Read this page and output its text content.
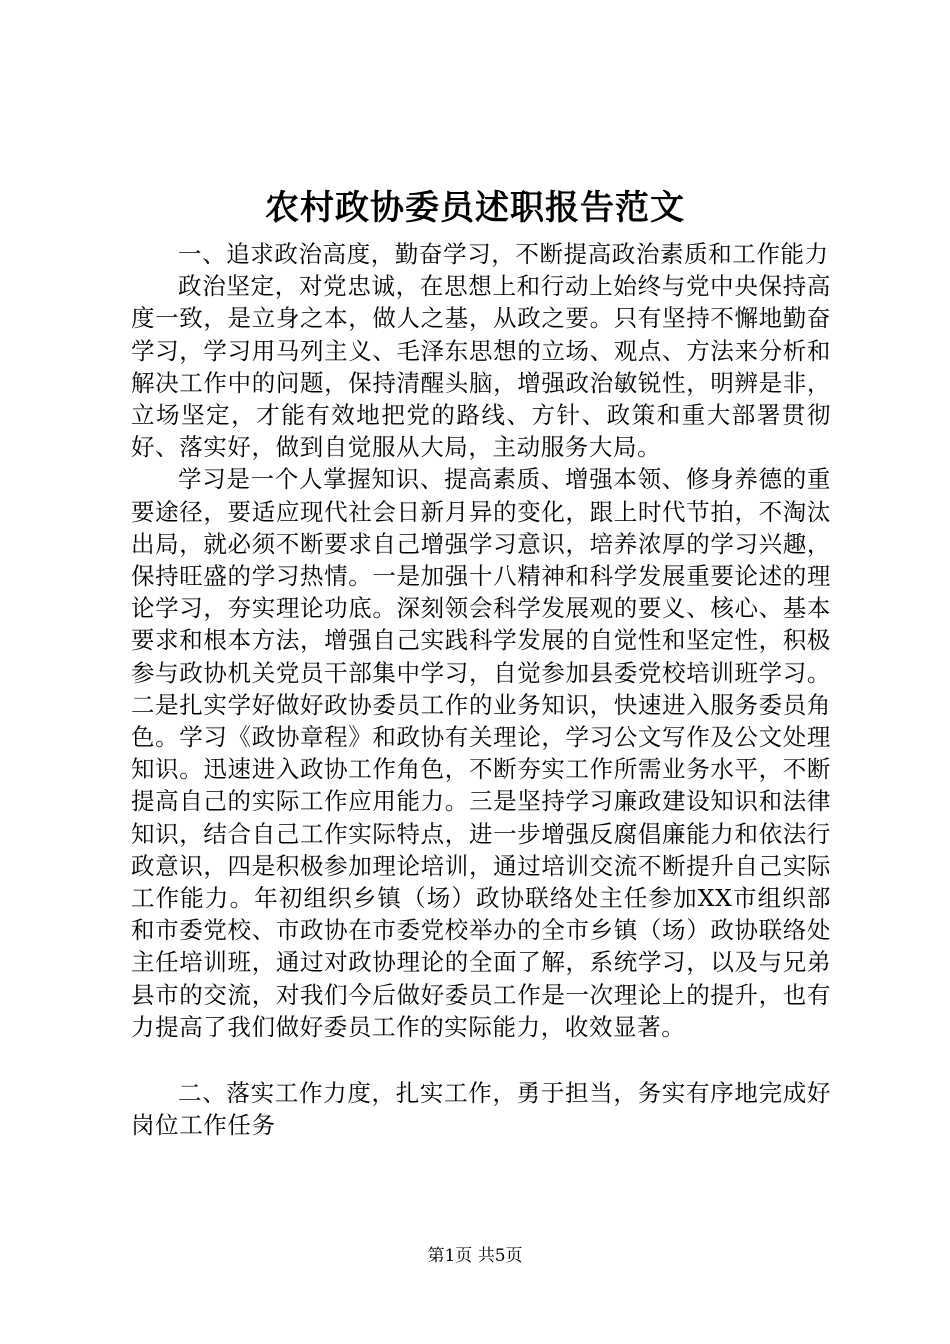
农村政协委员述职报告范文

一、追求政治高度，勤奋学习，不断提高政治素质和工作能力

政治坚定，对党忠诚，在思想上和行动上始终与党中央保持高度一致，是立身之本，做人之基，从政之要。只有坚持不懈地勤奋学习，学习用马列主义、毛泽东思想的立场、观点、方法来分析和解决工作中的问题，保持清醒头脑，增强政治敏锐性，明辨是非，立场坚定，才能有效地把党的路线、方针、政策和重大部署贯彻好、落实好，做到自觉服从大局，主动服务大局。

学习是一个人掌握知识、提高素质、增强本领、修身养德的重要途径，要适应现代社会日新月异的变化，跟上时代节拍，不淘汰出局，就必须不断要求自己增强学习意识，培养浓厚的学习兴趣，保持旺盛的学习热情。一是加强十八精神和科学发展重要论述的理论学习，夯实理论功底。深刻领会科学发展观的要义、核心、基本要求和根本方法，增强自己实践科学发展的自觉性和坚定性，积极参与政协机关党员干部集中学习，自觉参加县委党校培训班学习。二是扎实学好做好政协委员工作的业务知识，快速进入服务委员角色。学习《政协章程》和政协有关理论，学习公文写作及公文处理知识。迅速进入政协工作角色，不断夯实工作所需业务水平，不断提高自己的实际工作应用能力。三是坚持学习廉政建设知识和法律知识，结合自己工作实际特点，进一步增强反腐倡廉能力和依法行政意识，四是积极参加理论培训，通过培训交流不断提升自己实际工作能力。年初组织乡镇（场）政协联络处主任参加XX市组织部和市委党校、市政协在市委党校举办的全市乡镇（场）政协联络处主任培训班，通过对政协理论的全面了解，系统学习，以及与兄弟县市的交流，对我们今后做好委员工作是一次理论上的提升，也有力提高了我们做好委员工作的实际能力，收效显著。

二、落实工作力度，扎实工作，勇于担当，务实有序地完成好岗位工作任务

第1页 共5页
